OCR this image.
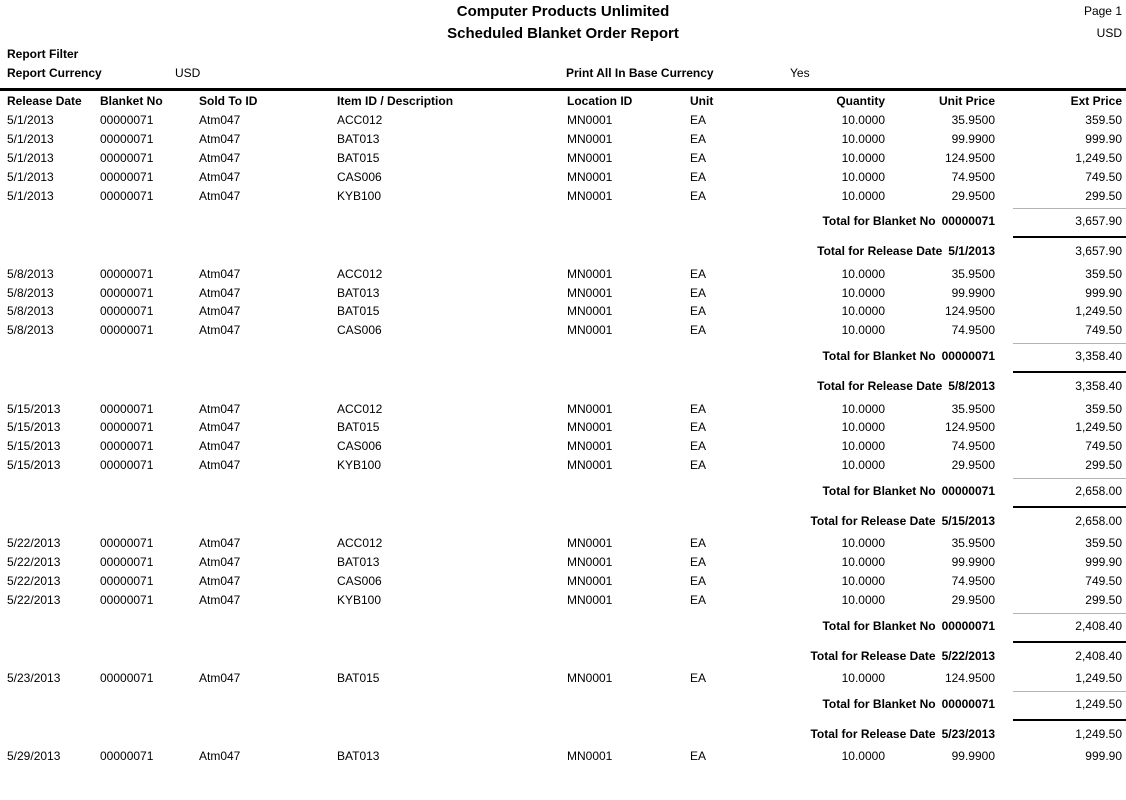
Computer Products Unlimited
Scheduled Blanket Order Report
Page 1
USD
Report Filter
Report Currency	USD	Print All In Base Currency	Yes
Release Date	Blanket No	Sold To ID	Item ID / Description	Location ID	Unit	Quantity	Unit Price	Ext Price
5/1/2013	00000071	Atm047	ACC012	MN0001	EA	10.0000	35.9500	359.50
5/1/2013	00000071	Atm047	BAT013	MN0001	EA	10.0000	99.9900	999.90
5/1/2013	00000071	Atm047	BAT015	MN0001	EA	10.0000	124.9500	1,249.50
5/1/2013	00000071	Atm047	CAS006	MN0001	EA	10.0000	74.9500	749.50
5/1/2013	00000071	Atm047	KYB100	MN0001	EA	10.0000	29.9500	299.50
Total for Blanket No 00000071	3,657.90
Total for Release Date 5/1/2013	3,657.90
5/8/2013	00000071	Atm047	ACC012	MN0001	EA	10.0000	35.9500	359.50
5/8/2013	00000071	Atm047	BAT013	MN0001	EA	10.0000	99.9900	999.90
5/8/2013	00000071	Atm047	BAT015	MN0001	EA	10.0000	124.9500	1,249.50
5/8/2013	00000071	Atm047	CAS006	MN0001	EA	10.0000	74.9500	749.50
Total for Blanket No 00000071	3,358.40
Total for Release Date 5/8/2013	3,358.40
5/15/2013	00000071	Atm047	ACC012	MN0001	EA	10.0000	35.9500	359.50
5/15/2013	00000071	Atm047	BAT015	MN0001	EA	10.0000	124.9500	1,249.50
5/15/2013	00000071	Atm047	CAS006	MN0001	EA	10.0000	74.9500	749.50
5/15/2013	00000071	Atm047	KYB100	MN0001	EA	10.0000	29.9500	299.50
Total for Blanket No 00000071	2,658.00
Total for Release Date 5/15/2013	2,658.00
5/22/2013	00000071	Atm047	ACC012	MN0001	EA	10.0000	35.9500	359.50
5/22/2013	00000071	Atm047	BAT013	MN0001	EA	10.0000	99.9900	999.90
5/22/2013	00000071	Atm047	CAS006	MN0001	EA	10.0000	74.9500	749.50
5/22/2013	00000071	Atm047	KYB100	MN0001	EA	10.0000	29.9500	299.50
Total for Blanket No 00000071	2,408.40
Total for Release Date 5/22/2013	2,408.40
5/23/2013	00000071	Atm047	BAT015	MN0001	EA	10.0000	124.9500	1,249.50
Total for Blanket No 00000071	1,249.50
Total for Release Date 5/23/2013	1,249.50
5/29/2013	00000071	Atm047	BAT013	MN0001	EA	10.0000	99.9900	999.90
